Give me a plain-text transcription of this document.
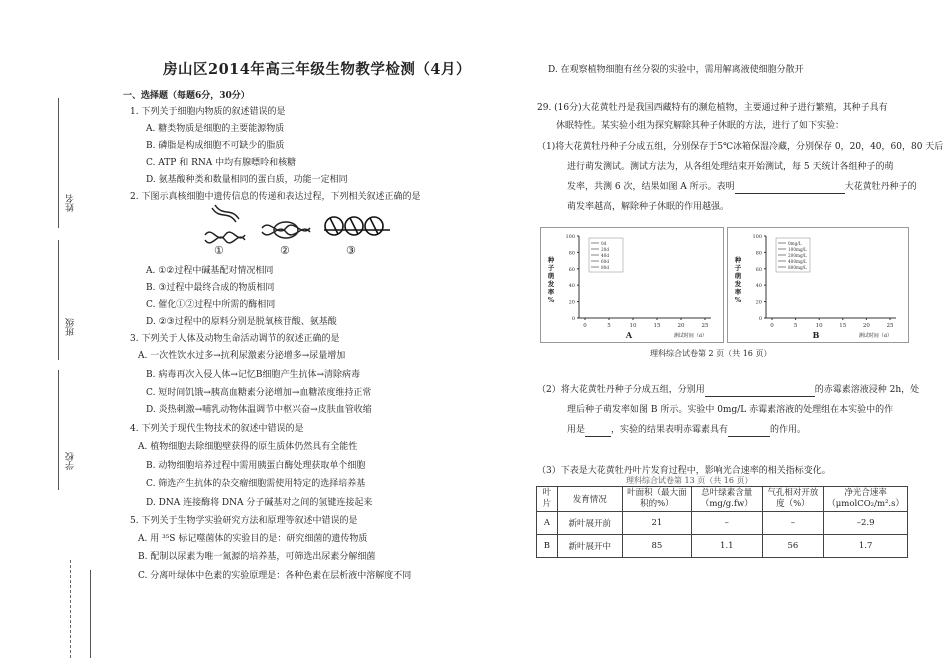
姓名
班级
学校
房山区2014年高三年级生物教学检测（4月）
一、选择题（每题6分，30分）
1. 下列关于细胞内物质的叙述错误的是
A. 糖类物质是细胞的主要能源物质
B. 磷脂是构成细胞不可缺少的脂质
C. ATP 和 RNA 中均有腺嘌呤和核糖
D. 氨基酸种类和数量相同的蛋白质，功能一定相同
2. 下图示真核细胞中遗传信息的传递和表达过程，下列相关叙述正确的是
①	②	③
A. ①②过程中碱基配对情况相同
B. ③过程中最终合成的物质相同
C. 催化①②过程中所需的酶相同
D. ②③过程中的原料分别是脱氧核苷酸、氨基酸
3. 下列关于人体及动物生命活动调节的叙述正确的是
A. 一次性饮水过多→抗利尿激素分泌增多→尿量增加
B. 病毒再次入侵人体→记忆B细胞产生抗体→清除病毒
C. 短时间饥饿→胰高血糖素分泌增加→血糖浓度维持正常
D. 炎热刺激→哺乳动物体温调节中枢兴奋→皮肤血管收缩
4. 下列关于现代生物技术的叙述中错误的是
A. 植物细胞去除细胞壁获得的原生质体仍然具有全能性
B. 动物细胞培养过程中需用胰蛋白酶处理获取单个细胞
C. 筛选产生抗体的杂交瘤细胞需使用特定的选择培养基
D. DNA 连接酶将 DNA 分子碱基对之间的氢键连接起来
5. 下列关于生物学实验研究方法和原理等叙述中错误的是
A. 用 ³⁵S 标记噬菌体的实验目的是：研究细菌的遗传物质
B. 配制以尿素为唯一氮源的培养基，可筛选出尿素分解细菌
C. 分离叶绿体中色素的实验原理是：各种色素在层析液中溶解度不同
D. 在观察植物细胞有丝分裂的实验中，需用解离液使细胞分散开
29. (16分)大花黄牡丹是我国西藏特有的濒危植物，主要通过种子进行繁殖，其种子具有
休眠特性。某实验小组为探究解除其种子休眠的方法，进行了如下实验：
（1)将大花黄牡丹种子分成五组，分别保存于5℃冰箱保湿冷藏，分别保存 0，20，40，60，80 天后
进行萌发测试。测试方法为，从各组处理结束开始测试，每 5 天统计各组种子的萌
发率，共测 6 次，结果如图 A 所示。表明	大花黄牡丹种子的
萌发率越高，解除种子休眠的作用越强。
100
80
60
40
20
0
0	5	10	15	20	25
种
子
萌
发
率
%
测试时间（d）
A
0d
20d
40d
60d
80d
100
80
60
40
20
0
0	5	10	15	20	25
种
子
萌
发
率
%
测试时间（d）
B
0mg/L
100mg/L
200mg/L
400mg/L
800mg/L
理科综合试卷第 2 页（共 16 页）
（2）将大花黄牡丹种子分成五组，分别用	的赤霉素溶液浸种 2h，处
理后种子萌发率如图 B 所示。实验中 0mg/L 赤霉素溶液的处理组在本实验中的作
用是	，实验的结果表明赤霉素具有	的作用。
（3）下表是大花黄牡丹叶片发育过程中，影响光合速率的相关指标变化。
理科综合试卷第 13 页（共 16 页）
叶片	发育情况	叶面积（最大面积的%）	总叶绿素含量（mg/g.fw）	气孔相对开放度（%）	净光合速率（μmolCO₂/m².s）
A	新叶展开前	21	–	–	–2.9
B	新叶展开中	85	1.1	56	1.7
